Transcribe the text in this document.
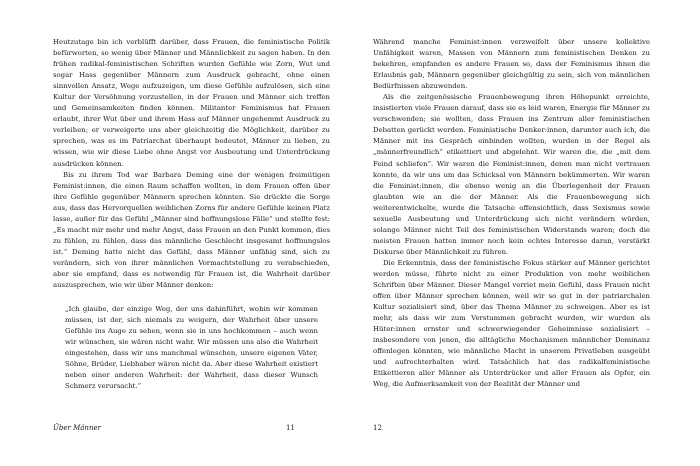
Heutzutage bin ich verblüfft darüber, dass Frauen, die feministische Politik befürworten, so wenig über Männer und Männlichkeit zu sagen haben. In den frühen radikal-feministischen Schriften wurden Gefühle wie Zorn, Wut und sogar Hass gegenüber Männern zum Ausdruck gebracht, ohne einen sinnvollen Ansatz, Wege aufzuzeigen, um diese Gefühle aufzulösen, sich eine Kultur der Versöhnung vorzustellen, in der Frauen und Männer sich treffen und Gemeinsamkeiten finden können. Militanter Feminismus hat Frauen erlaubt, ihrer Wut über und ihrem Hass auf Männer ungehemmt Ausdruck zu verleihen; er verweigerte uns aber gleichzeitig die Möglichkeit, darüber zu sprechen, was es im Patriarchat überhaupt bedeutet, Männer zu lieben, zu wissen, wie wir diese Liebe ohne Angst vor Ausbeutung und Unterdrückung ausdrücken können.

Bis zu ihrem Tod war Barbara Deming eine der wenigen freimütigen Feminist:innen, die einen Raum schaffen wollten, in dem Frauen offen über ihre Gefühle gegenüber Männern sprechen könnten. Sie drückte die Sorge aus, dass das Hervorquellen weiblichen Zorns für andere Gefühle keinen Platz lasse, außer für das Gefühl „Männer sind hoffnungslose Fälle“ und stellte fest: „Es macht mir mehr und mehr Angst, dass Frauen an den Punkt kommen, dies zu fühlen, zu fühlen, dass das männliche Geschlecht insgesamt hoffnungslos ist.“ Deming hatte nicht das Gefühl, dass Männer unfähig sind, sich zu verändern, sich von ihrer männlichen Vormachtstellung zu verabschieden, aber sie empfand, dass es notwendig für Frauen ist, die Wahrheit darüber auszusprechen, wie wir über Männer denken:

„Ich glaube, der einzige Weg, der uns dahinführt, wohin wir kommen müssen, ist der, sich niemals zu weigern, der Wahrheit über unsere Gefühle ins Auge zu sehen, wenn sie in uns hochkommen – auch wenn wir wünschen, sie wären nicht wahr. Wir müssen uns also die Wahrheit eingestehen, dass wir uns manchmal wünschen, unsere eigenen Väter, Söhne, Brüder, Liebhaber wären nicht da. Aber diese Wahrheit existiert neben einer anderen Wahrheit: der Wahrheit, dass dieser Wunsch Schmerz verursacht.“

Während manche Feminist:innen verzweifelt über unsere kollektive Unfähigkeit waren, Massen von Männern zum feministischen Denken zu bekehren, empfanden es andere Frauen so, dass der Feminismus ihnen die Erlaubnis gab, Männern gegenüber gleichgültig zu sein, sich von männlichen Bedürfnissen abzuwenden.

Als die zeitgenössische Frauenbewegung ihren Höhepunkt erreichte, insistierten viele Frauen darauf, dass sie es leid waren, Energie für Männer zu verschwenden; sie wollten, dass Frauen ins Zentrum aller feministischen Debatten gerückt werden. Feministische Denker:innen, darunter auch ich, die Männer mit ins Gespräch einbinden wollten, wurden in der Regel als „männerfreundlich“ etikettiert und abgelehnt. Wir waren die, die „mit dem Feind schliefen“. Wir waren die Feminist:innen, denen man nicht vertrauen konnte, da wir uns um das Schicksal von Männern bekümmerten. Wir waren die Feminist:innen, die ebenso wenig an die Überlegenheit der Frauen glaubten wie an die der Männer. Als die Frauenbewegung sich weiterentwickelte, wurde die Tatsache offensichtlich, dass Sexismus sowie sexuelle Ausbeutung und Unterdrückung sich nicht verändern würden, solange Männer nicht Teil des feministischen Widerstands waren; doch die meisten Frauen hatten immer noch kein echtes Interesse daran, verstärkt Diskurse über Männlichkeit zu führen.

Die Erkenntnis, dass der feministische Fokus stärker auf Männer gerichtet werden müsse, führte nicht zu einer Produktion von mehr weiblichen Schriften über Männer. Dieser Mangel verriet mein Gefühl, dass Frauen nicht offen über Männer sprechen können, weil wir so gut in der patriarchalen Kultur sozialisiert sind, über das Thema Männer zu schweigen. Aber es ist mehr, als dass wir zum Verstummen gebracht wurden, wir wurden als Hüter:innen ernster und schwerwiegender Geheimnisse sozialisiert – insbesondere von jenen, die alltägliche Mechanismen männlicher Dominanz offenlegen könnten, wie männliche Macht in unserem Privatleben ausgeübt und aufrechterhalten wird. Tatsächlich hat das radikalfeministische Etikettieren aller Männer als Unterdrücker und aller Frauen als Opfer, ein Weg, die Aufmerksamkeit von der Realität der Männer und

Über Männer	11	12
